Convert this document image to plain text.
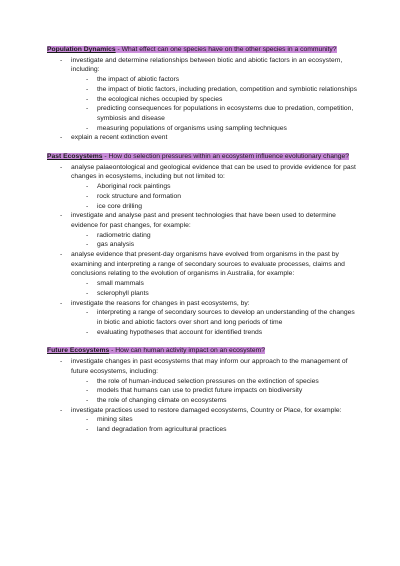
Population Dynamics - What effect can one species have on the other species in a community?

- investigate and determine relationships between biotic and abiotic factors in an ecosystem, including:
- the impact of abiotic factors
- the impact of biotic factors, including predation, competition and symbiotic relationships
- the ecological niches occupied by species
- predicting consequences for populations in ecosystems due to predation, competition, symbiosis and disease
- measuring populations of organisms using sampling techniques
- explain a recent extinction event

Past Ecosystems - How do selection pressures within an ecosystem influence evolutionary change?

- analyse palaeontological and geological evidence that can be used to provide evidence for past changes in ecosystems, including but not limited to:
- Aboriginal rock paintings
- rock structure and formation
- ice core drilling
- investigate and analyse past and present technologies that have been used to determine evidence for past changes, for example:
- radiometric dating
- gas analysis
- analyse evidence that present-day organisms have evolved from organisms in the past by examining and interpreting a range of secondary sources to evaluate processes, claims and conclusions relating to the evolution of organisms in Australia, for example:
- small mammals
- sclerophyll plants
- investigate the reasons for changes in past ecosystems, by:
- interpreting a range of secondary sources to develop an understanding of the changes in biotic and abiotic factors over short and long periods of time
- evaluating hypotheses that account for identified trends

Future Ecosystems - How can human activity impact on an ecosystem?

- investigate changes in past ecosystems that may inform our approach to the management of future ecosystems, including:
- the role of human-induced selection pressures on the extinction of species
- models that humans can use to predict future impacts on biodiversity
- the role of changing climate on ecosystems
- investigate practices used to restore damaged ecosystems, Country or Place, for example:
- mining sites
- land degradation from agricultural practices
